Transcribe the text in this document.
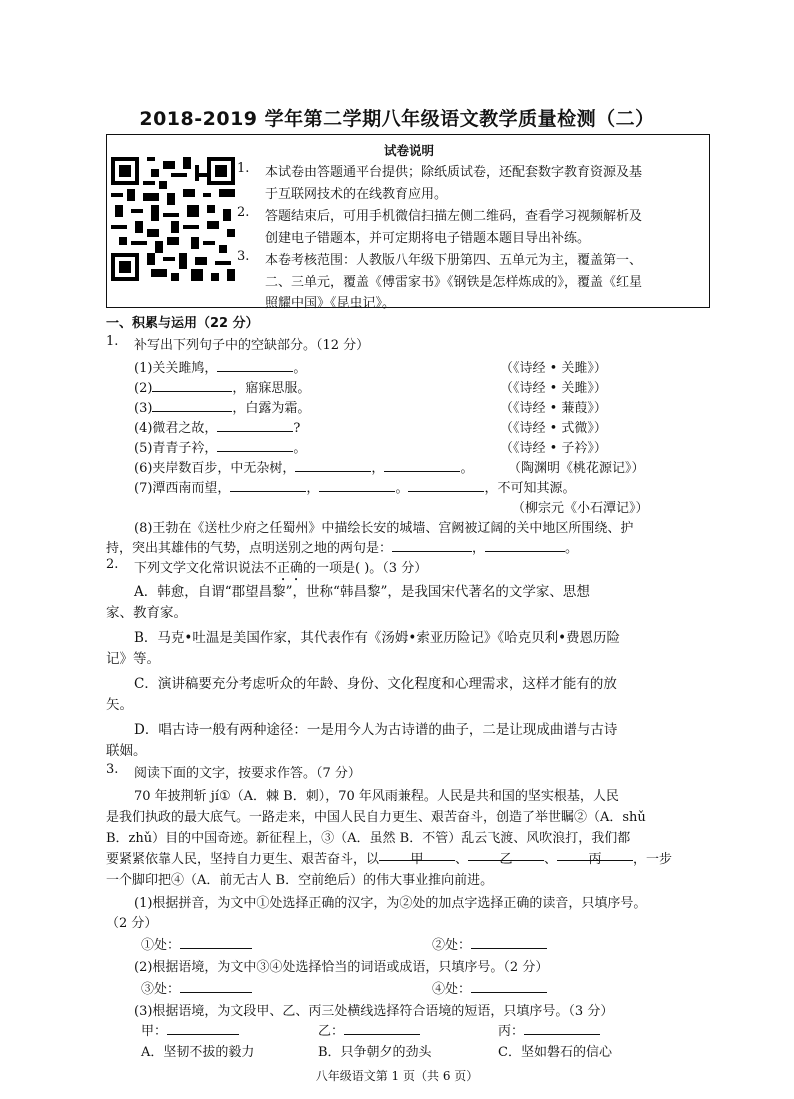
2018-2019 学年第二学期八年级语文教学质量检测（二）
试卷说明
1. 本试卷由答题通平台提供；除纸质试卷，还配套数字教育资源及基
于互联网技术的在线教育应用。
2. 答题结束后，可用手机微信扫描左侧二维码，查看学习视频解析及
创建电子错题本，并可定期将电子错题本题目导出补练。
3. 本卷考核范围：人教版八年级下册第四、五单元为主，覆盖第一、
二、三单元，覆盖《傅雷家书》《钢铁是怎样炼成的》，覆盖《红星
照耀中国》《昆虫记》。
一、积累与运用（22 分）
1. 补写出下列句子中的空缺部分。（12 分）
(1)关关雎鸠，	。	（《诗经 • 关雎》）
(2)	，寤寐思服。	（《诗经 • 关雎》）
(3)	，白露为霜。	（《诗经 • 蒹葭》）
(4)微君之故，	?	（《诗经 • 式微》）
(5)青青子衿，	。	（《诗经 • 子衿》）
(6)夹岸数百步，中无杂树，	，	。	（陶渊明《桃花源记》）
(7)潭西南而望，	，	。	，不可知其源。
（柳宗元《小石潭记》）
(8)王勃在《送杜少府之任蜀州》中描绘长安的城墙、宫阙被辽阔的关中地区所围绕、护
持，突出其雄伟的气势，点明送别之地的两句是：	，	。
2. 下列文学文化常识说法不正确的一项是( )。（3 分）
A．韩愈，自谓“郡望昌黎”，世称“韩昌黎”，是我国宋代著名的文学家、思想
家、教育家。
B．马克•吐温是美国作家，其代表作有《汤姆•索亚历险记》《哈克贝利•费恩历险
记》等。
C．演讲稿要充分考虑听众的年龄、身份、文化程度和心理需求，这样才能有的放
矢。
D．唱古诗一般有两种途径：一是用今人为古诗谱的曲子，二是让现成曲谱与古诗
联姻。
3. 阅读下面的文字，按要求作答。（7 分）
70 年披荆斩 jí①（A．棘 B．刺），70 年风雨兼程。人民是共和国的坚实根基，人民
是我们执政的最大底气。一路走来，中国人民自力更生、艰苦奋斗，创造了举世瞩②（A．shǔ
B．zhǔ）目的中国奇迹。新征程上，③（A．虽然 B．不管）乱云飞渡、风吹浪打，我们都
要紧紧依靠人民，坚持自力更生、艰苦奋斗，以 甲 、 乙 、 丙 ，一步
一个脚印把④（A．前无古人 B．空前绝后）的伟大事业推向前进。
(1)根据拼音，为文中①处选择正确的汉字，为②处的加点字选择正确的读音，只填序号。
（2 分）
①处：	②处：
(2)根据语境，为文中③④处选择恰当的词语或成语，只填序号。（2 分）
③处：	④处：
(3)根据语境，为文段甲、乙、丙三处横线选择符合语境的短语，只填序号。（3 分）
甲：	乙：	丙：
A．坚韧不拔的毅力	B．只争朝夕的劲头	C．坚如磐石的信心
八年级语文第 1 页（共 6 页）
